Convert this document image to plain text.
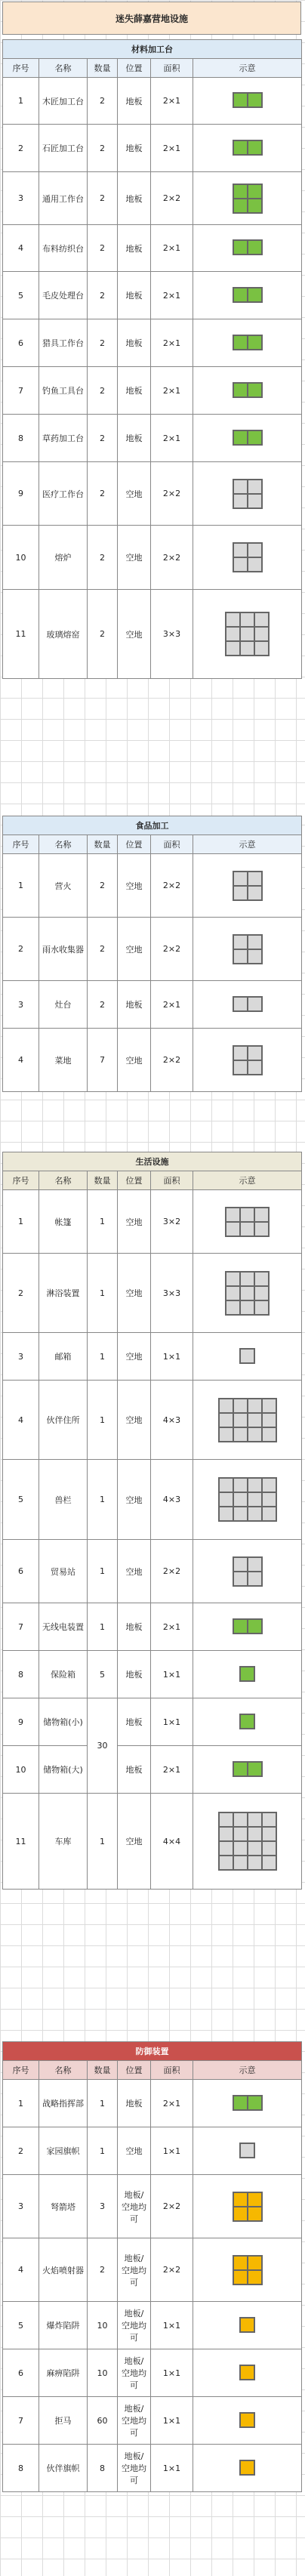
迷失薛嘉营地设施
材料加工台					
序号	名称	数量	位置	面积	示意
1	木匠加工台	2	地板	2×1	

2	石匠加工台	2	地板	2×1	

3	通用工作台	2	地板	2×2	

4	布料纺织台	2	地板	2×1	

5	毛皮处理台	2	地板	2×1	

6	猎具工作台	2	地板	2×1	

7	钓鱼工具台	2	地板	2×1	

8	草药加工台	2	地板	2×1	

9	医疗工作台	2	空地	2×2	

10	熔炉	2	空地	2×2	

11	玻璃熔窑	2	空地	3×3	
食品加工					
序号	名称	数量	位置	面积	示意
1	营火	2	空地	2×2	

2	雨水收集器	2	空地	2×2	

3	灶台	2	地板	2×1	

4	菜地	7	空地	2×2	
生活设施					
序号	名称	数量	位置	面积	示意
1	帐篷	1	空地	3×2	

2	淋浴装置	1	空地	3×3	

3	邮箱	1	空地	1×1	

4	伙伴住所	1	空地	4×3	

5	兽栏	1	空地	4×3	

6	贸易站	1	空地	2×2	

7	无线电装置	1	地板	2×1	

8	保险箱	5	地板	1×1	

9	储物箱(小)	30	地板	1×1	

10	储物箱(大)		地板	2×1	

11	车库	1	空地	4×4	
防御装置					
序号	名称	数量	位置	面积	示意
1	战略指挥部	1	地板	2×1	

2	家园旗帜	1	空地	1×1	

3	弩箭塔	3	地板/
空地均
可	2×2	

4	火焰喷射器	2	地板/
空地均
可	2×2	

5	爆炸陷阱	10	地板/
空地均
可	1×1	

6	麻痹陷阱	10	地板/
空地均
可	1×1	

7	拒马	60	地板/
空地均
可	1×1	

8	伙伴旗帜	8	地板/
空地均
可	1×1	
